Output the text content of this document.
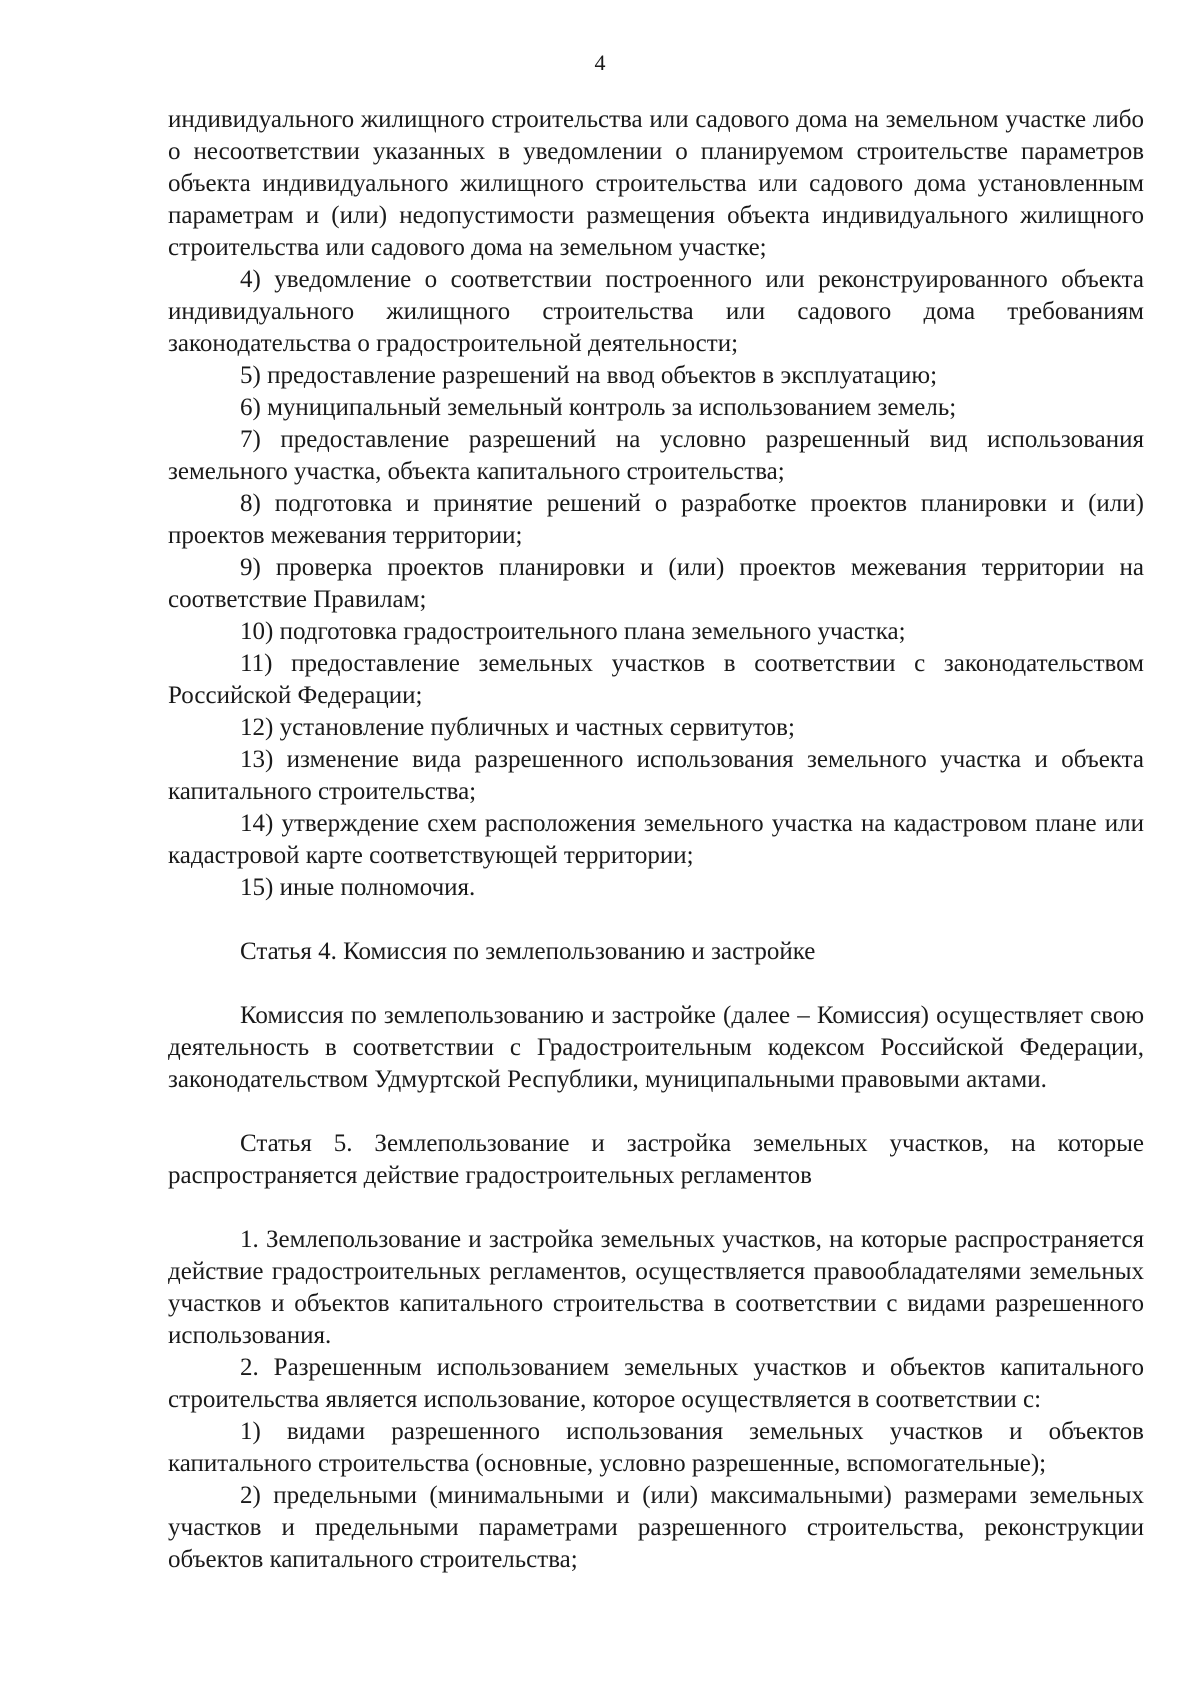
4

индивидуального жилищного строительства или садового дома на земельном участке либо о несоответствии указанных в уведомлении о планируемом строительстве параметров объекта индивидуального жилищного строительства или садового дома установленным параметрам и (или) недопустимости размещения объекта индивидуального жилищного строительства или садового дома на земельном участке;

4) уведомление о соответствии построенного или реконструированного объекта индивидуального жилищного строительства или садового дома требованиям законодательства о градостроительной деятельности;

5) предоставление разрешений на ввод объектов в эксплуатацию;

6) муниципальный земельный контроль за использованием земель;

7) предоставление разрешений на условно разрешенный вид использования земельного участка, объекта капитального строительства;

8) подготовка и принятие решений о разработке проектов планировки и (или) проектов межевания территории;

9) проверка проектов планировки и (или) проектов межевания территории на соответствие Правилам;

10) подготовка градостроительного плана земельного участка;

11) предоставление земельных участков в соответствии с законодательством Российской Федерации;

12) установление публичных и частных сервитутов;

13) изменение вида разрешенного использования земельного участка и объекта капитального строительства;

14) утверждение схем расположения земельного участка на кадастровом плане или кадастровой карте соответствующей территории;

15) иные полномочия.

Статья 4. Комиссия по землепользованию и застройке

Комиссия по землепользованию и застройке (далее – Комиссия) осуществляет свою деятельность в соответствии с Градостроительным кодексом Российской Федерации, законодательством Удмуртской Республики, муниципальными правовыми актами.

Статья 5. Землепользование и застройка земельных участков, на которые распространяется действие градостроительных регламентов

1. Землепользование и застройка земельных участков, на которые распространяется действие градостроительных регламентов, осуществляется правообладателями земельных участков и объектов капитального строительства в соответствии с видами разрешенного использования.

2. Разрешенным использованием земельных участков и объектов капитального строительства является использование, которое осуществляется в соответствии с:

1) видами разрешенного использования земельных участков и объектов капитального строительства (основные, условно разрешенные, вспомогательные);

2) предельными (минимальными и (или) максимальными) размерами земельных участков и предельными параметрами разрешенного строительства, реконструкции объектов капитального строительства;
